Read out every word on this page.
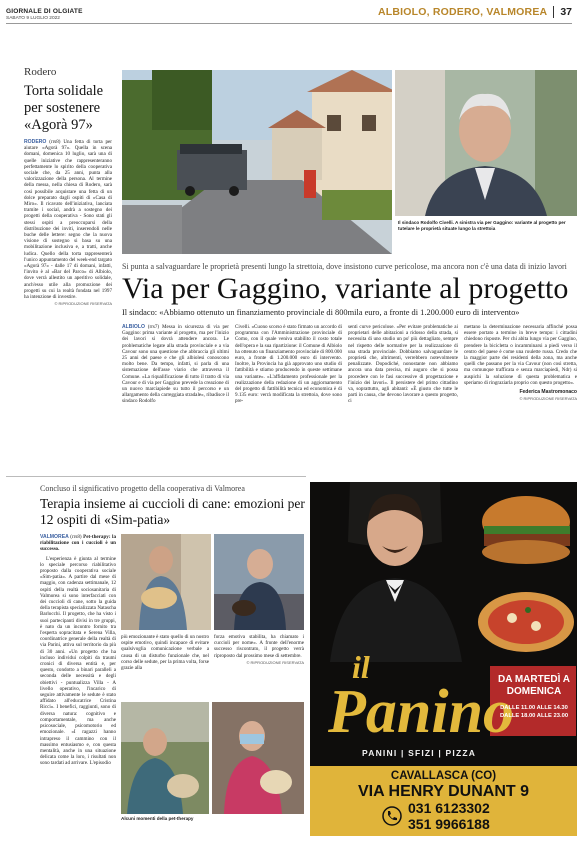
GIORNALE DI OLGIATE
SABATO 9 LUGLIO 2022
ALBIOLO, RODERO, VALMOREA 37
Rodero
Torta solidale per sostenere «Agorà 97»

RODERO (rrs8) Una fetta di torta per aiutare «Agorà 97». Quella in scena domani, domenica 10 luglio, sarà una di quelle iniziative che rappresenteranno perfettamente lo spirito della cooperativa sociale che, da 25 anni, punta alla valorizzazione della persona. Al termine della messa, nella chiesa di Rodero, sarà così possibile acquistare una fetta di un dolce preparato dagli ospiti di «Casa di Miro». Il ricavato dell'iniziativa, lanciata tramite i social, andrà a sostegno dei progetti della cooperativa - Sono stati gli stessi ospiti a preoccuparsi della distribuzione dei inviti, inserendoli nelle buche delle lettere: segno che la nuova visione di sostegno si basa su una mobilitazione inclusiva e, a tratti, anche ludica. Quello della torta rappresenterà l'unico appuntamento del week-end targato «Agorà 97» - dalle 17 di domani, infatti, l'invito è al «Bar del Parco» di Albiolo, dove verrà allestito un aperitivo solidale, anch'esso utile alla promozione dei progetti su cui la realtà fondata nel 1997 ha intenzione di investire.

© RIPRODUZIONE RISERVATA
Il sindaco Rodolfo Civelli. A sinistra via per Gaggino: variante al progetto per tutelare le proprietà situate lungo la strettoia
Si punta a salvaguardare le proprietà presenti lungo la strettoia, dove insistono curve pericolose, ma ancora non c'è una data di inizio lavori
Via per Gaggino, variante al progetto
Il sindaco: «Abbiamo ottenuto un finanziamento provinciale di 800mila euro, a fronte di 1.200.000 euro di intervento»

ALBIOLO (rrs7) Messa in sicurezza di via per Gaggino: prima variante al progetto, ma per l'inizio dei lavori si dovrà attendere ancora. Le problematiche legate alla strada provinciale e a via Cavour sono una questione che abbraccia gli ultimi 25 anni del paese e che gli albiolesi conoscono molto bene. Da tempo, infatti, si parla di una sistemazione dell'asse viario che attraversa il Comune. «La riqualificazione di tutto il tratto di via Cavour e di via per Gaggino prevede la creazione di un nuovo marciapiede su tutto il percorso e un allargamento della carreggiata stradale», ribadisce il sindaco Rodolfo

Civelli. «Cuono scorso è stato firmato un accordo di programma con l'Amministrazione provinciale di Como, con il quale veniva stabilito il costo totale dell'opera e la sua ripartizione: il Comune di Albiolo ha ottenuto un finanziamento provinciale di 800.000 euro, a fronte di 1.200.000 euro di intervento. Inoltre, la Provincia ha già approvato uno studio di fattibilità e stiamo producendo in queste settimane una variante». «L'affidamento professionale per la realizzazione della redazione di un aggiornamento del progetto di fattibilità tecnica ed economica è di 9.135 euro: verrà modificata la strettoia, dove sono pre-

senti curve pericolose. «Per evitare problematiche ai proprietari delle abitazioni a ridosso della strada, si necessita di uno studio un po' più dettagliato, sempre nel rispetto delle normative per la realizzazione di una strada provinciale. Dobbiamo salvaguardare le proprietà che, altrimenti, verrebbero notevolmente penalizzate. Dopodiché, nonostante non abbiamo ancora una data precisa, mi auguro che si possa procedere con le fasi successive di progettazione e l'inizio dei lavori». Il persistere del primo cittadino va, soprattutto, agli abitanti: «È giusto che tutte le parti in causa, che devono lavorare a questo progetto, ci

mettano la determinazione necessaria affinché possa essere portato a termine in breve tempo: i cittadini chiedono risposte. Per chi abita lungo via per Gaggino, prendere la bicicletta o incamminarsi a piedi verso il centro del paese è come una roulette russa. Credo che la maggior parte dei residenti della zona, ma anche quelli che passano per la via Cavour (non così stretta, ma comunque trafficata e senza marciapiedi, Ndr) si auspichi la soluzione di questa problematica e speriamo di ringraziarla proprio con questo progetto».

Federica Mastromonaco
© RIPRODUZIONE RISERVATA
Concluso il significativo progetto della cooperativa di Valmorea
Terapia insieme ai cuccioli di cane: emozioni per 12 ospiti di «Sim-patia»

VALMOREA (rrs8) Pet-therapy: la riabilitazione con i cuccioli è un successo.

L'esperienza è giunta al termine lo speciale percorso riabilitativo proposto dalla cooperativa sociale «Sim-patia». A partire dal mese di maggio, con cadenza settimanale, 12 ospiti della realtà sociosanitaria di Valmorea si sono interfacciati con dei cuccioli di cane, sotto la guida della terapista specializzata Natascha Barlocchi. Il progetto, che ha visto i suoi partecipanti divisi in tre gruppi, è nato da un incontro fornito tra l'esperta sopracitata e Serena Villa, coordinatrice generale della realtà di via Parini, attiva sul territorio da più di 30 anni. «Un progetto che ha incluso individui colpiti da traumi cronici di diversa entità e, per questo, condotto a binari paralleli a seconda delle necessità e degli obiettivi - puntualizza Villa - A livello operativo, l'incarico di seguire attivamente le sedute è stato affidato all'educatrice Cristina Ricci». I benefici, raggiunti, sono di diversa natura: cognitivo e comportamentale, ma anche psicosociale, psicomotorio ed emozionale. «I ragazzi hanno intrapreso il cammino con il massimo entusiasmo e, con questa mentalità, anche in una situazione delicata come la loro, i risultati non sono tardati ad arrivare. L'episodio

più emozionante è stato quello di un nostro ospite emotivo, quindi incapace di evitare qualsivoglia comunicazione verbale a causa di un disturbo funzionale che, nel corso delle sedute, per la prima volta, forse grazie alla

forza emotiva stabilita, ha chiamato i cuccioli per nome». A fronte dell'enorme successo riscontrato, il progetto verrà riproposto dal prossimo mese di settembre.

© RIPRODUZIONE RISERVATA
Alcuni momenti della pet-therapy
il
Panino
PANINI | SFIZI | PIZZA
DA MARTEDÌ A DOMENICA
DALLE 11.00 ALLE 14.30
DALLE 18.00 ALLE 23.00
CAVALLASCA (CO)
VIA HENRY DUNANT 9
031 6123302
351 9966188
